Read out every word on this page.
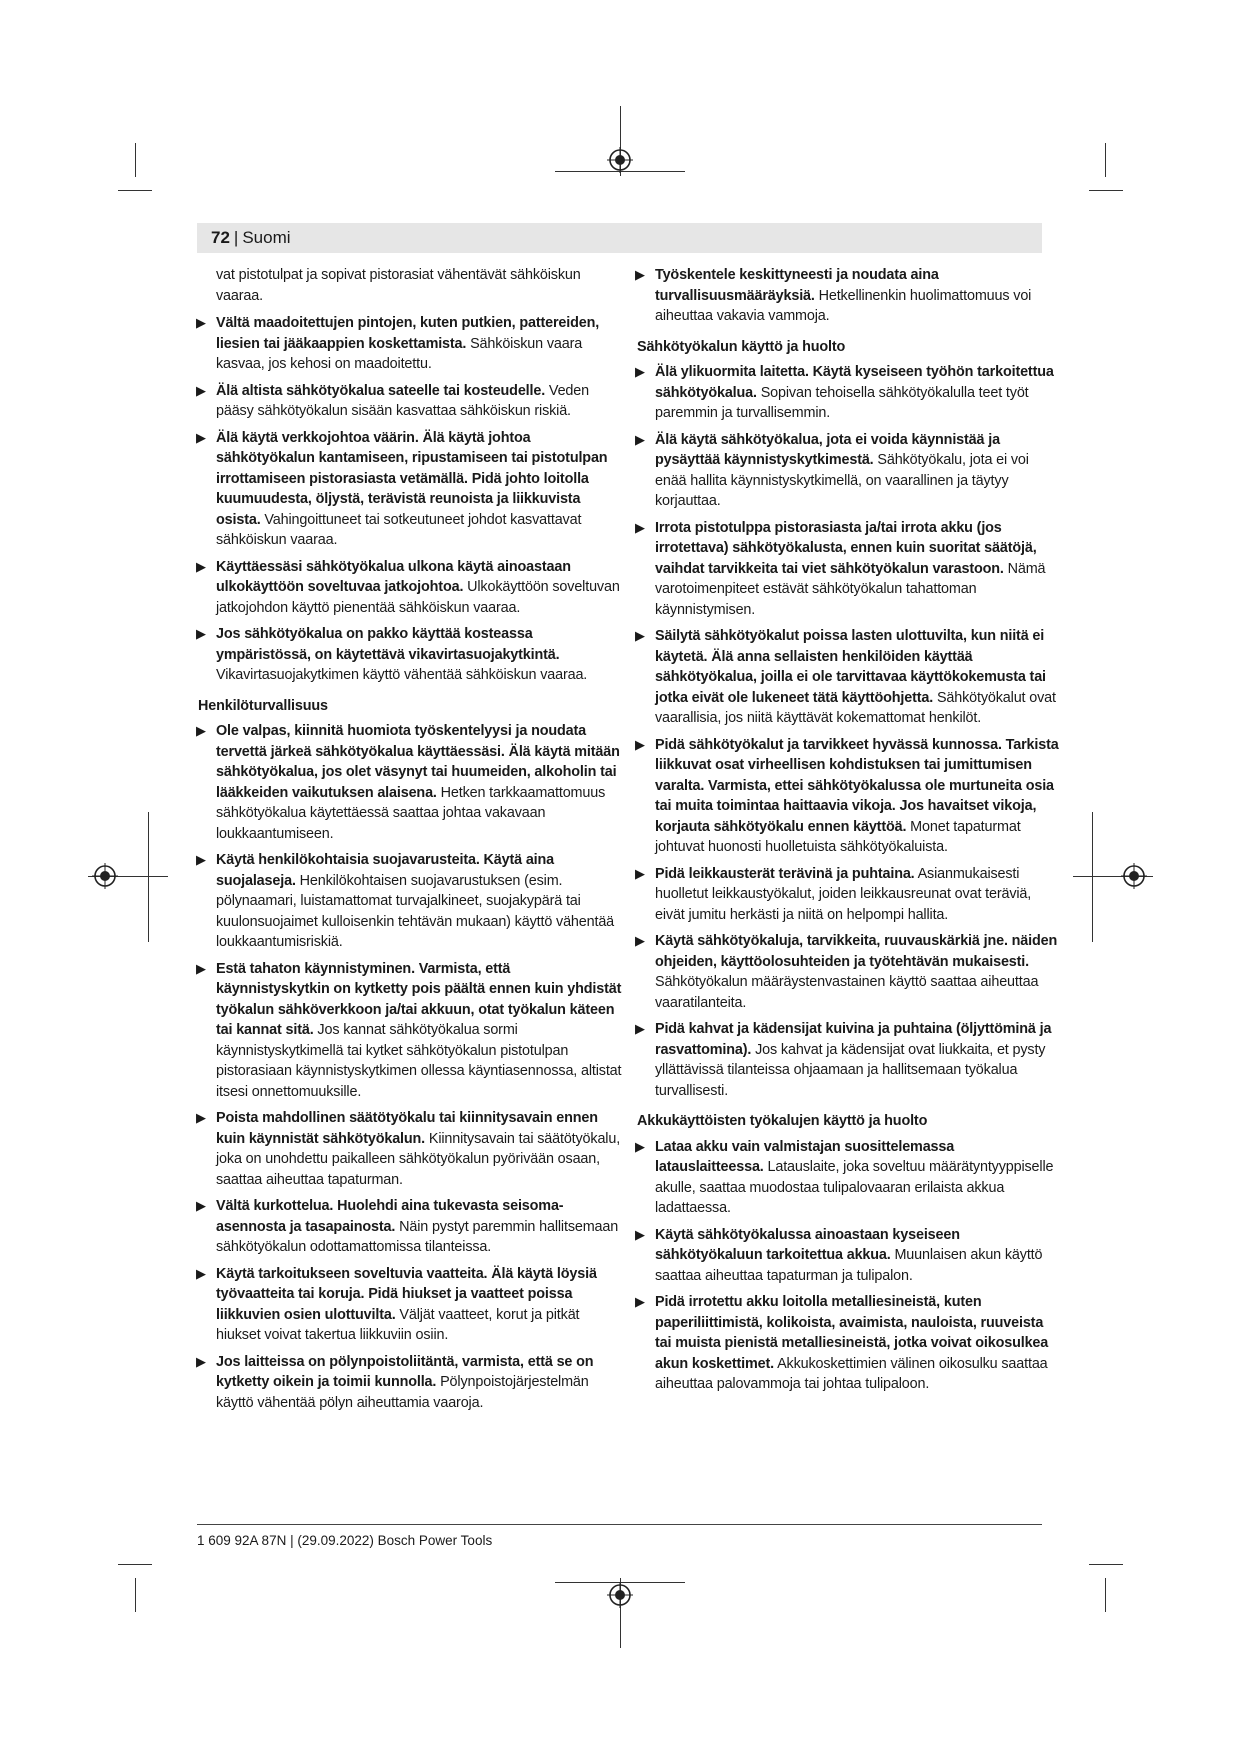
72 | Suomi
vat pistotulpat ja sopivat pistorasiat vähentävät sähköiskun vaaraa.
▶ Vältä maadoitettujen pintojen, kuten putkien, pattereiden, liesien tai jääkaappien koskettamista. Sähköiskun vaara kasvaa, jos kehosi on maadoitettu.
▶ Älä altista sähkötyökalua sateelle tai kosteudelle. Veden pääsy sähkötyökalun sisään kasvattaa sähköiskun riskiä.
▶ Älä käytä verkkojohtoa väärin. Älä käytä johtoa sähkötyökalun kantamiseen, ripustamiseen tai pistotulpan irrottamiseen pistorasiasta vetämällä. Pidä johto loitolla kuumuudesta, öljystä, terävistä reunoista ja liikkuvista osista. Vahingoittuneet tai sotkeutuneet johdot kasvattavat sähköiskun vaaraa.
▶ Käyttäessäsi sähkötyökalua ulkona käytä ainoastaan ulkokäyttöön soveltuvaa jatkojohtoa. Ulkokäyttöön soveltuvan jatkojohdon käyttö pienentää sähköiskun vaaraa.
▶ Jos sähkötyökalua on pakko käyttää kosteassa ympäristössä, on käytettävä vikavirtasuojakytkintä. Vikavirtasuojakytkimen käyttö vähentää sähköiskun vaaraa.
Henkilöturvallisuus
▶ Ole valpas, kiinnitä huomiota työskentelyysi ja noudata tervettä järkeä sähkötyökalua käyttäessäsi. Älä käytä mitään sähkötyökalua, jos olet väsynyt tai huumeiden, alkoholin tai lääkkeiden vaikutuksen alaisena. Hetken tarkkaamattomuus sähkötyökalua käytettäessä saattaa johtaa vakavaan loukkaantumiseen.
▶ Käytä henkilökohtaisia suojavarusteita. Käytä aina suojalaseja. Henkilökohtaisen suojavarustuksen (esim. pölynaamari, luistamattomat turvajalkineet, suojakypärä tai kuulonsuojaimet kulloisenkin tehtävän mukaan) käyttö vähentää loukkaantumisriskiä.
▶ Estä tahaton käynnistyminen. Varmista, että käynnistyskytkin on kytketty pois päältä ennen kuin yhdistät työkalun sähköverkkoon ja/tai akkuun, otat työkalun käteen tai kannat sitä. Jos kannat sähkötyökalua sormi käynnistyskytkimellä tai kytket sähkötyökalun pistotulpan pistorasiaan käynnistyskytkimen ollessa käyntiasennossa, altistat itsesi onnettomuuksille.
▶ Poista mahdollinen säätötyökalu tai kiinnitysavain ennen kuin käynnistät sähkötyökalun. Kiinnitysavain tai säätötyökalu, joka on unohdettu paikalleen sähkötyökalun pyörivään osaan, saattaa aiheuttaa tapaturman.
▶ Vältä kurkottelua. Huolehdi aina tukevasta seisoma-asennosta ja tasapainosta. Näin pystyt paremmin hallitsemaan sähkötyökalun odottamattomissa tilanteissa.
▶ Käytä tarkoitukseen soveltuvia vaatteita. Älä käytä löysiä työvaatteita tai koruja. Pidä hiukset ja vaatteet poissa liikkuvien osien ulottuvilta. Väljät vaatteet, korut ja pitkät hiukset voivat takertua liikkuviin osiin.
▶ Jos laitteissa on pölynpoistoliitäntä, varmista, että se on kytketty oikein ja toimii kunnolla. Pölynpoistojärjestelmän käyttö vähentää pölyn aiheuttamia vaaroja.
▶ Työskentele keskittyneesti ja noudata aina turvallisuusmääräyksiä. Hetkellinenkin huolimattomuus voi aiheuttaa vakavia vammoja.
Sähkötyökalun käyttö ja huolto
▶ Älä ylikuormita laitetta. Käytä kyseiseen työhön tarkoitettua sähkötyökalua. Sopivan tehoisella sähkötyökalulla teet työt paremmin ja turvallisemmin.
▶ Älä käytä sähkötyökalua, jota ei voida käynnistää ja pysäyttää käynnistyskytkimestä. Sähkötyökalu, jota ei voi enää hallita käynnistyskytkimellä, on vaarallinen ja täytyy korjauttaa.
▶ Irrota pistotulppa pistorasiasta ja/tai irrota akku (jos irrotettava) sähkötyökalusta, ennen kuin suoritat säätöjä, vaihdat tarvikkeita tai viet sähkötyökalun varastoon. Nämä varotoimenpiteet estävät sähkötyökalun tahattoman käynnistymisen.
▶ Säilytä sähkötyökalut poissa lasten ulottuvilta, kun niitä ei käytetä. Älä anna sellaisten henkilöiden käyttää sähkötyökalua, joilla ei ole tarvittavaa käyttökokemusta tai jotka eivät ole lukeneet tätä käyttöohjetta. Sähkötyökalut ovat vaarallisia, jos niitä käyttävät kokemattomat henkilöt.
▶ Pidä sähkötyökalut ja tarvikkeet hyvässä kunnossa. Tarkista liikkuvat osat virheellisen kohdistuksen tai jumittumisen varalta. Varmista, ettei sähkötyökalussa ole murtuneita osia tai muita toimintaa haittaavia vikoja. Jos havaitset vikoja, korjauta sähkötyökalu ennen käyttöä. Monet tapaturmat johtuvat huonosti huolletuista sähkötyökaluista.
▶ Pidä leikkausterät terävinä ja puhtaina. Asianmukaisesti huolletut leikkaustyökalut, joiden leikkausreunat ovat teräviä, eivät jumitu herkästi ja niitä on helpompi hallita.
▶ Käytä sähkötyökaluja, tarvikkeita, ruuvauskärkiä jne. näiden ohjeiden, käyttöolosuhteiden ja työtehtävän mukaisesti. Sähkötyökalun määräystenvastainen käyttö saattaa aiheuttaa vaaratilanteita.
▶ Pidä kahvat ja kädensijat kuivina ja puhtaina (öljyttöminä ja rasvattomina). Jos kahvat ja kädensijat ovat liukkaita, et pysty yllättävissä tilanteissa ohjaamaan ja hallitsemaan työkalua turvallisesti.
Akkukäyttöisten työkalujen käyttö ja huolto
▶ Lataa akku vain valmistajan suosittelemassa latauslaitteessa. Latauslaite, joka soveltuu määrätyntyyppiselle akulle, saattaa muodostaa tulipalovaaran erilaista akkua ladattaessa.
▶ Käytä sähkötyökalussa ainoastaan kyseiseen sähkötyökaluun tarkoitettua akkua. Muunlaisen akun käyttö saattaa aiheuttaa tapaturman ja tulipalon.
▶ Pidä irrotettu akku loitolla metalliesineistä, kuten paperiliittimistä, kolikoista, avaimista, nauloista, ruuveista tai muista pienistä metalliesineistä, jotka voivat oikosulkea akun koskettimet. Akkukoskettimien välinen oikosulku saattaa aiheuttaa palovammoja tai johtaa tulipaloon.
1 609 92A 87N | (29.09.2022) Bosch Power Tools
